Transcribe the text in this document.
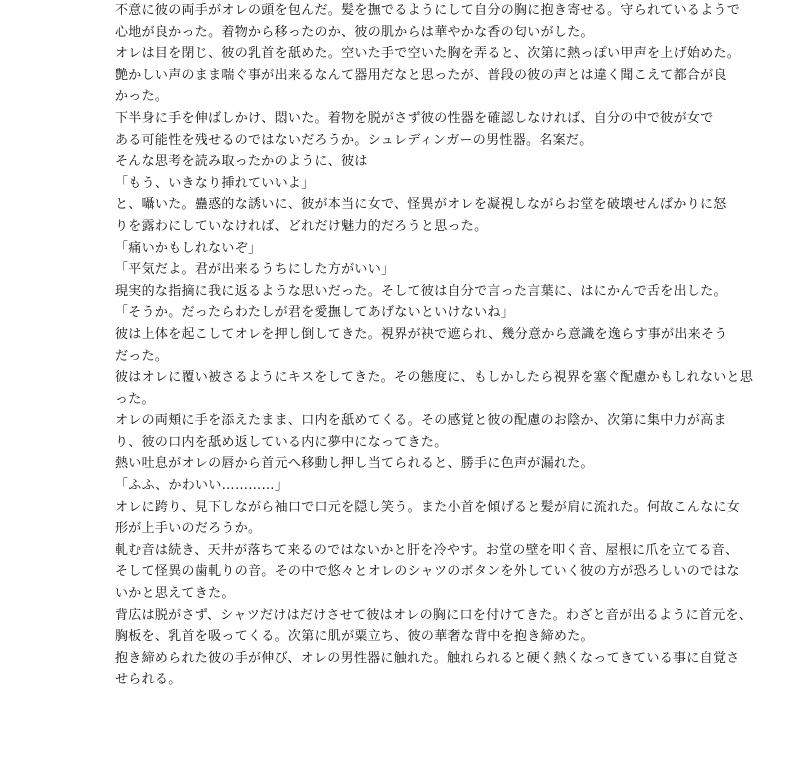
不意に彼の両手がオレの頭を包んだ。髪を撫でるようにして自分の胸に抱き寄せる。守られているようで
心地が良かった。着物から移ったのか、彼の肌からは華やかな香の匂いがした。
オレは目を閉じ、彼の乳首を舐めた。空いた手で空いた胸を弄ると、次第に熱っぽい甲声を上げ始めた。
艶かしい声のまま喘ぐ事が出来るなんて器用だなと思ったが、普段の彼の声とは違く聞こえて都合が良
かった。
下半身に手を伸ばしかけ、悶いた。着物を脱がさず彼の性器を確認しなければ、自分の中で彼が女で
ある可能性を残せるのではないだろうか。シュレディンガーの男性器。名案だ。
そんな思考を読み取ったかのように、彼は
「もう、いきなり挿れていいよ」
と、囁いた。蠱惑的な誘いに、彼が本当に女で、怪異がオレを凝視しながらお堂を破壊せんばかりに怒
りを露わにしていなければ、どれだけ魅力的だろうと思った。
「痛いかもしれないぞ」
「平気だよ。君が出来るうちにした方がいい」
現実的な指摘に我に返るような思いだった。そして彼は自分で言った言葉に、はにかんで舌を出した。
「そうか。だったらわたしが君を愛撫してあげないといけないね」
彼は上体を起こしてオレを押し倒してきた。視界が袂で遮られ、幾分意から意識を逸らす事が出来そう
だった。
彼はオレに覆い被さるようにキスをしてきた。その態度に、もしかしたら視界を塞ぐ配慮かもしれないと思
った。
オレの両頬に手を添えたまま、口内を舐めてくる。その感覚と彼の配慮のお陰か、次第に集中力が高ま
り、彼の口内を舐め返している内に夢中になってきた。
熱い吐息がオレの唇から首元へ移動し押し当てられると、勝手に色声が漏れた。
「ふふ、かわいい…………」
オレに跨り、見下しながら袖口で口元を隠し笑う。また小首を傾げると髪が肩に流れた。何故こんなに女
形が上手いのだろうか。
軋む音は続き、天井が落ちて来るのではないかと肝を冷やす。お堂の壁を叩く音、屋根に爪を立てる音、
そして怪異の歯軋りの音。その中で悠々とオレのシャツのボタンを外していく彼の方が恐ろしいのではな
いかと思えてきた。
背広は脱がさず、シャツだけはだけさせて彼はオレの胸に口を付けてきた。わざと音が出るように首元を、
胸板を、乳首を吸ってくる。次第に肌が粟立ち、彼の華奢な背中を抱き締めた。
抱き締められた彼の手が伸び、オレの男性器に触れた。触れられると硬く熱くなってきている事に自覚さ
せられる。
